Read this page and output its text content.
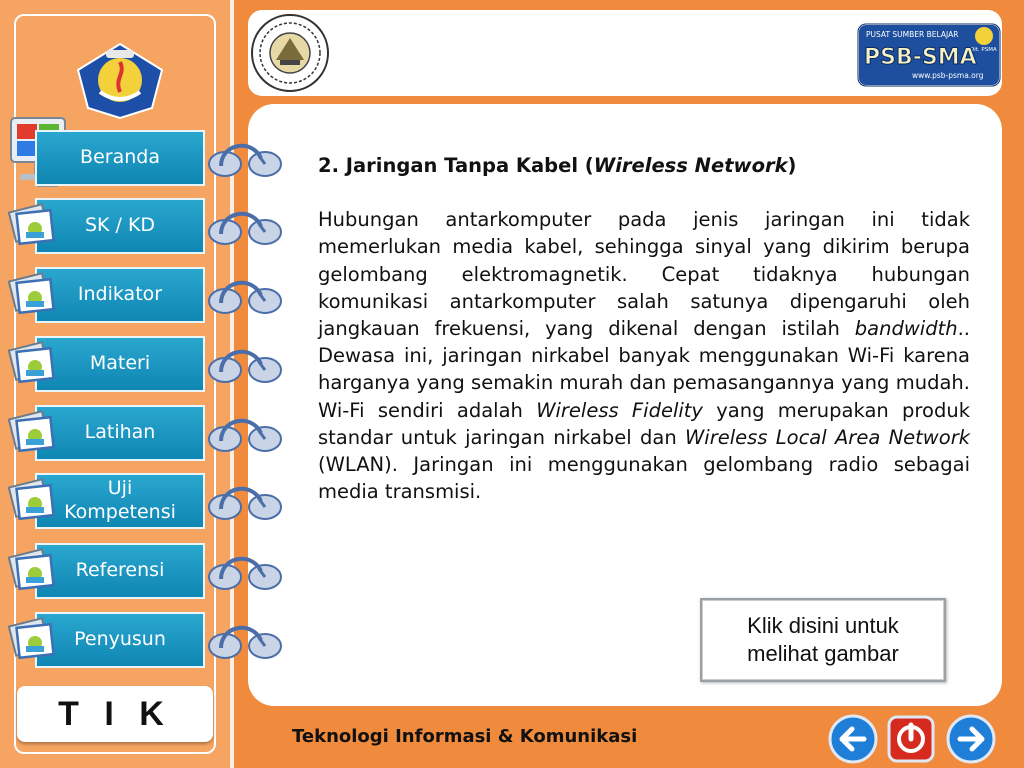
PUSAT SUMBER BELAJAR
Dit. PSMA
PSB-SMA
www.psb-psma.org
Beranda
SK / KD
Indikator
Materi
Latihan
Uji Kompetensi
Referensi
Penyusun
T I K

2. Jaringan Tanpa Kabel (Wireless Network)

Hubungan antarkomputer pada jenis jaringan ini tidak memerlukan media kabel, sehingga sinyal yang dikirim berupa gelombang elektromagnetik. Cepat tidaknya hubungan komunikasi antarkomputer salah satunya dipengaruhi oleh jangkauan frekuensi, yang dikenal dengan istilah bandwidth.. Dewasa ini, jaringan nirkabel banyak menggunakan Wi-Fi karena harganya yang semakin murah dan pemasangannya yang mudah. Wi-Fi sendiri adalah Wireless Fidelity yang merupakan produk standar untuk jaringan nirkabel dan Wireless Local Area Network (WLAN). Jaringan ini menggunakan gelombang radio sebagai media transmisi.

Klik disini untuk
melihat gambar
Teknologi Informasi & Komunikasi
